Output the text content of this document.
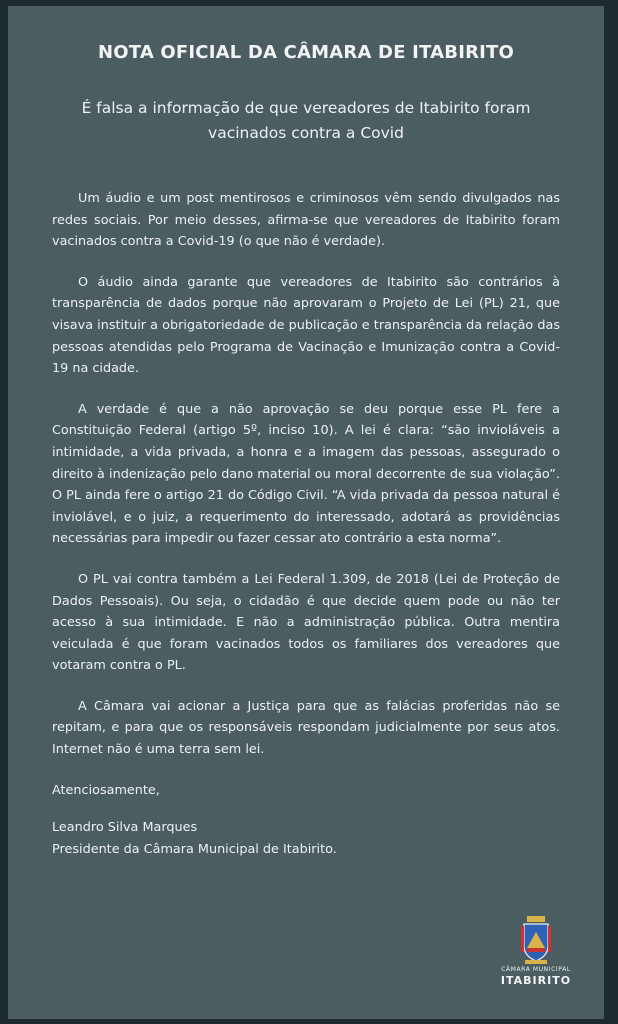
NOTA OFICIAL DA CÂMARA DE ITABIRITO
É falsa a informação de que vereadores de Itabirito foram vacinados contra a Covid

Um áudio e um post mentirosos e criminosos vêm sendo divulgados nas redes sociais. Por meio desses, afirma-se que vereadores de Itabirito foram vacinados contra a Covid-19 (o que não é verdade).

O áudio ainda garante que vereadores de Itabirito são contrários à transparência de dados porque não aprovaram o Projeto de Lei (PL) 21, que visava instituir a obrigatoriedade de publicação e transparência da relação das pessoas atendidas pelo Programa de Vacinação e Imunização contra a Covid-19 na cidade.

A verdade é que a não aprovação se deu porque esse PL fere a Constituição Federal (artigo 5º, inciso 10). A lei é clara: “são invioláveis a intimidade, a vida privada, a honra e a imagem das pessoas, assegurado o direito à indenização pelo dano material ou moral decorrente de sua violação”. O PL ainda fere o artigo 21 do Código Civil. “A vida privada da pessoa natural é inviolável, e o juiz, a requerimento do interessado, adotará as providências necessárias para impedir ou fazer cessar ato contrário a esta norma”.

O PL vai contra também a Lei Federal 1.309, de 2018 (Lei de Proteção de Dados Pessoais). Ou seja, o cidadão é que decide quem pode ou não ter acesso à sua intimidade. E não a administração pública. Outra mentira veiculada é que foram vacinados todos os familiares dos vereadores que votaram contra o PL.

A Câmara vai acionar a Justiça para que as falácias proferidas não se repitam, e para que os responsáveis respondam judicialmente por seus atos. Internet não é uma terra sem lei.

Atenciosamente,

Leandro Silva Marques
Presidente da Câmara Municipal de Itabirito.

CÂMARA MUNICIPAL
ITABIRITO
